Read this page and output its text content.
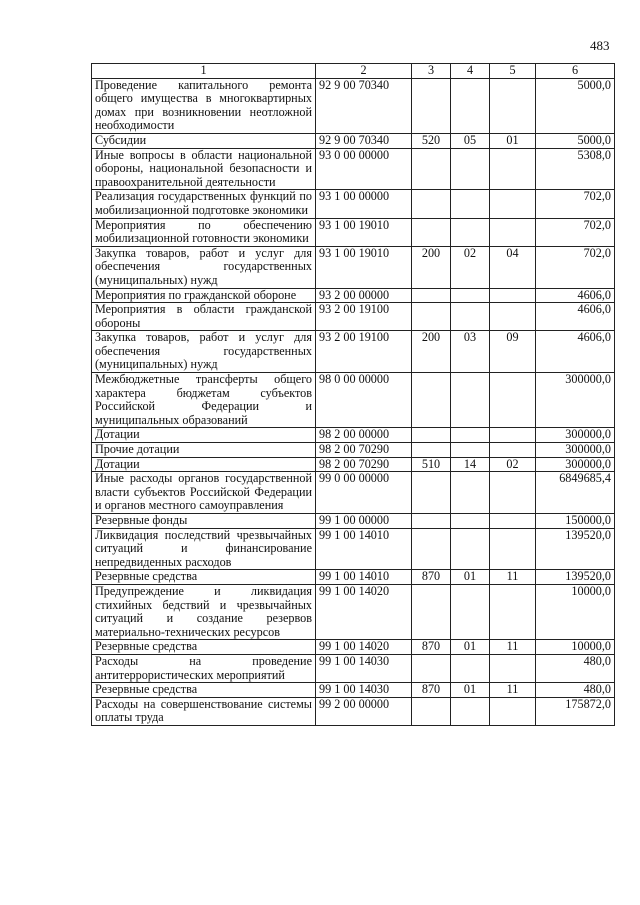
483
1	2	3	4	5	6
Проведение капитального ремонта общего имущества в многоквартирных домах при возникновении неотложной необходимости	92 9 00 70340				5000,0
Субсидии	92 9 00 70340	520	05	01	5000,0
Иные вопросы в области национальной обороны, национальной безопасности и правоохранительной деятельности	93 0 00 00000				5308,0
Реализация государственных функций по мобилизационной подготовке экономики	93 1 00 00000				702,0
Мероприятия по обеспечению мобилизационной готовности экономики	93 1 00 19010				702,0
Закупка товаров, работ и услуг для обеспечения государственных (муниципальных) нужд	93 1 00 19010	200	02	04	702,0
Мероприятия по гражданской обороне	93 2 00 00000				4606,0
Мероприятия в области гражданской обороны	93 2 00 19100				4606,0
Закупка товаров, работ и услуг для обеспечения государственных (муниципальных) нужд	93 2 00 19100	200	03	09	4606,0
Межбюджетные трансферты общего характера бюджетам субъектов Российской Федерации и муниципальных образований	98 0 00 00000				300000,0
Дотации	98 2 00 00000				300000,0
Прочие дотации	98 2 00 70290				300000,0
Дотации	98 2 00 70290	510	14	02	300000,0
Иные расходы органов государственной власти субъектов Российской Федерации и органов местного самоуправления	99 0 00 00000				6849685,4
Резервные фонды	99 1 00 00000				150000,0
Ликвидация последствий чрезвычайных ситуаций и финансирование непредвиденных расходов	99 1 00 14010				139520,0
Резервные средства	99 1 00 14010	870	01	11	139520,0
Предупреждение и ликвидация стихийных бедствий и чрезвычайных ситуаций и создание резервов материально-технических ресурсов	99 1 00 14020				10000,0
Резервные средства	99 1 00 14020	870	01	11	10000,0
Расходы на проведение антитеррористических мероприятий	99 1 00 14030				480,0
Резервные средства	99 1 00 14030	870	01	11	480,0
Расходы на совершенствование системы оплаты труда	99 2 00 00000				175872,0
